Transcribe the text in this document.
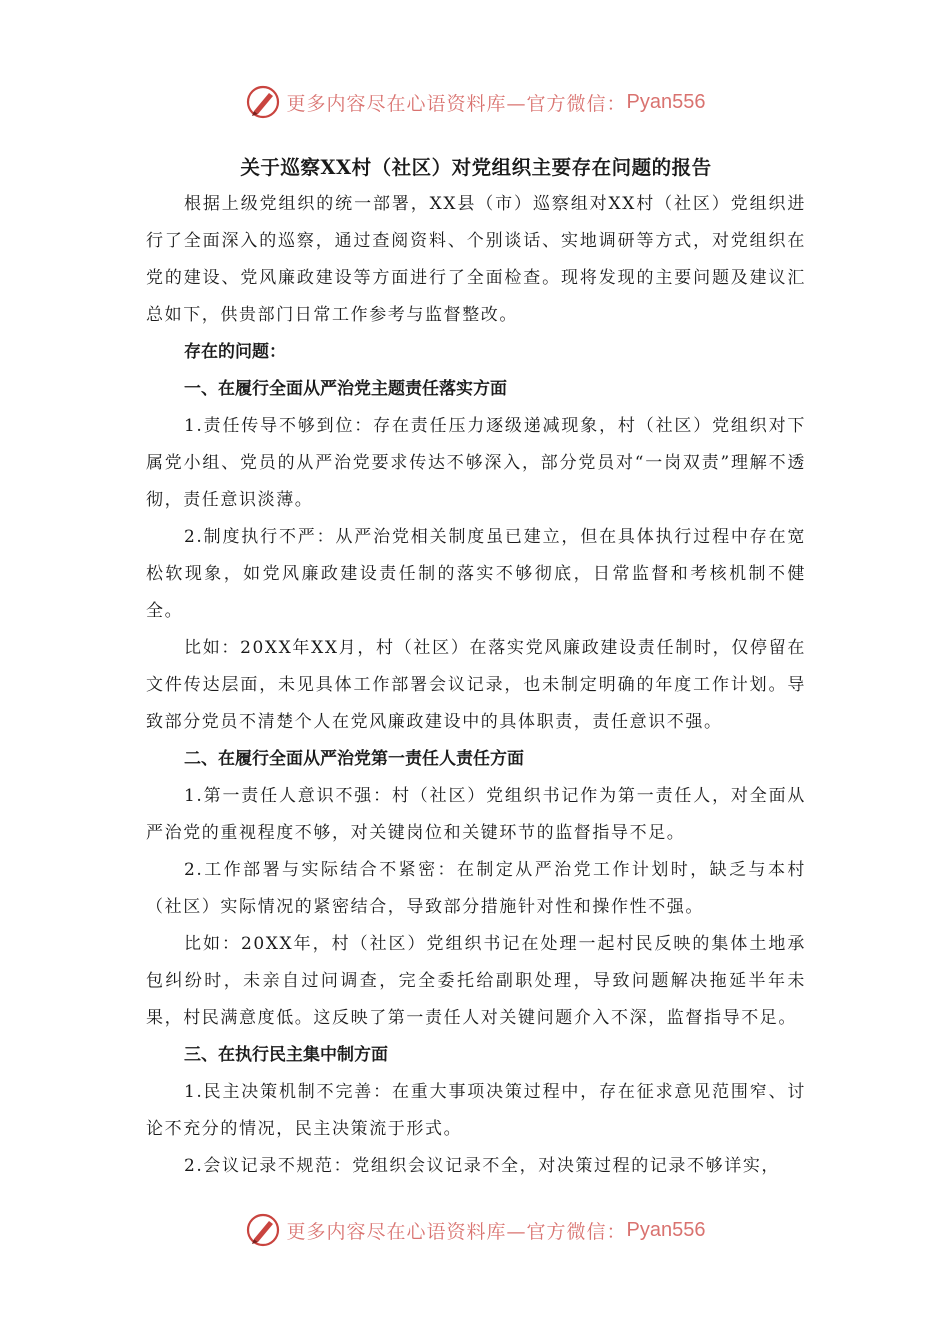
更多内容尽在心语资料库—官方微信： Pyan556

关于巡察XX村（社区）对党组织主要存在问题的报告

根据上级党组织的统一部署，XX县（市）巡察组对XX村（社区）党组织进行了全面深入的巡察，通过查阅资料、个别谈话、实地调研等方式，对党组织在党的建设、党风廉政建设等方面进行了全面检查。现将发现的主要问题及建议汇总如下，供贵部门日常工作参考与监督整改。

存在的问题：

一、在履行全面从严治党主题责任落实方面

1.责任传导不够到位：存在责任压力逐级递减现象，村（社区）党组织对下属党小组、党员的从严治党要求传达不够深入，部分党员对“一岗双责”理解不透彻，责任意识淡薄。

2.制度执行不严：从严治党相关制度虽已建立，但在具体执行过程中存在宽松软现象，如党风廉政建设责任制的落实不够彻底，日常监督和考核机制不健全。

比如：20XX年XX月，村（社区）在落实党风廉政建设责任制时，仅停留在文件传达层面，未见具体工作部署会议记录，也未制定明确的年度工作计划。导致部分党员不清楚个人在党风廉政建设中的具体职责，责任意识不强。

二、在履行全面从严治党第一责任人责任方面

1.第一责任人意识不强：村（社区）党组织书记作为第一责任人，对全面从严治党的重视程度不够，对关键岗位和关键环节的监督指导不足。

2.工作部署与实际结合不紧密：在制定从严治党工作计划时，缺乏与本村（社区）实际情况的紧密结合，导致部分措施针对性和操作性不强。

比如：20XX年，村（社区）党组织书记在处理一起村民反映的集体土地承包纠纷时，未亲自过问调查，完全委托给副职处理，导致问题解决拖延半年未果，村民满意度低。这反映了第一责任人对关键问题介入不深，监督指导不足。

三、在执行民主集中制方面

1.民主决策机制不完善：在重大事项决策过程中，存在征求意见范围窄、讨论不充分的情况，民主决策流于形式。

2.会议记录不规范：党组织会议记录不全，对决策过程的记录不够详实，

更多内容尽在心语资料库—官方微信： Pyan556
